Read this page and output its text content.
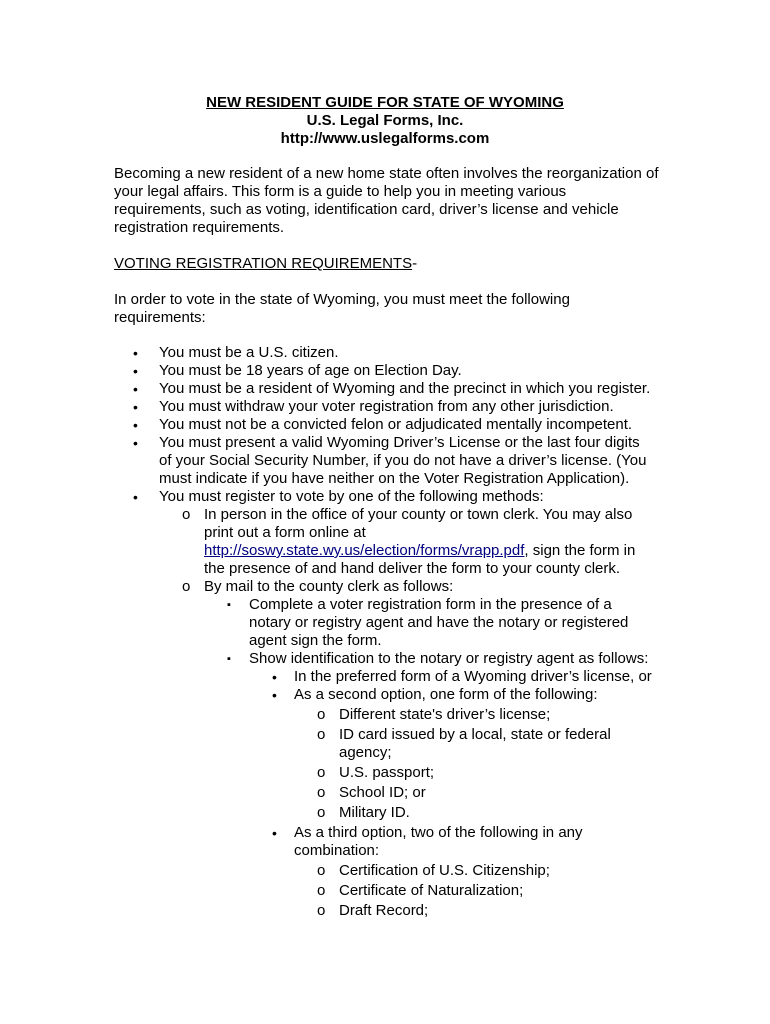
NEW RESIDENT GUIDE FOR STATE OF WYOMING
U.S. Legal Forms, Inc.
http://www.uslegalforms.com
Becoming a new resident of a new home state often involves the reorganization of your legal affairs. This form is a guide to help you in meeting various requirements, such as voting, identification card, driver’s license and vehicle registration requirements.
VOTING REGISTRATION REQUIREMENTS-
In order to vote in the state of Wyoming, you must meet the following requirements:
• You must be a U.S. citizen.
• You must be 18 years of age on Election Day.
• You must be a resident of Wyoming and the precinct in which you register.
• You must withdraw your voter registration from any other jurisdiction.
• You must not be a convicted felon or adjudicated mentally incompetent.
• You must present a valid Wyoming Driver’s License or the last four digits of your Social Security Number, if you do not have a driver’s license. (You must indicate if you have neither on the Voter Registration Application).
• You must register to vote by one of the following methods:
o In person in the office of your county or town clerk. You may also print out a form online at http://soswy.state.wy.us/election/forms/vrapp.pdf, sign the form in the presence of and hand deliver the form to your county clerk.
o By mail to the county clerk as follows:
▪ Complete a voter registration form in the presence of a notary or registry agent and have the notary or registered agent sign the form.
▪ Show identification to the notary or registry agent as follows:
• In the preferred form of a Wyoming driver’s license, or
• As a second option, one form of the following:
o Different state's driver’s license;
o ID card issued by a local, state or federal agency;
o U.S. passport;
o School ID; or
o Military ID.
• As a third option, two of the following in any combination:
o Certification of U.S. Citizenship;
o Certificate of Naturalization;
o Draft Record;
